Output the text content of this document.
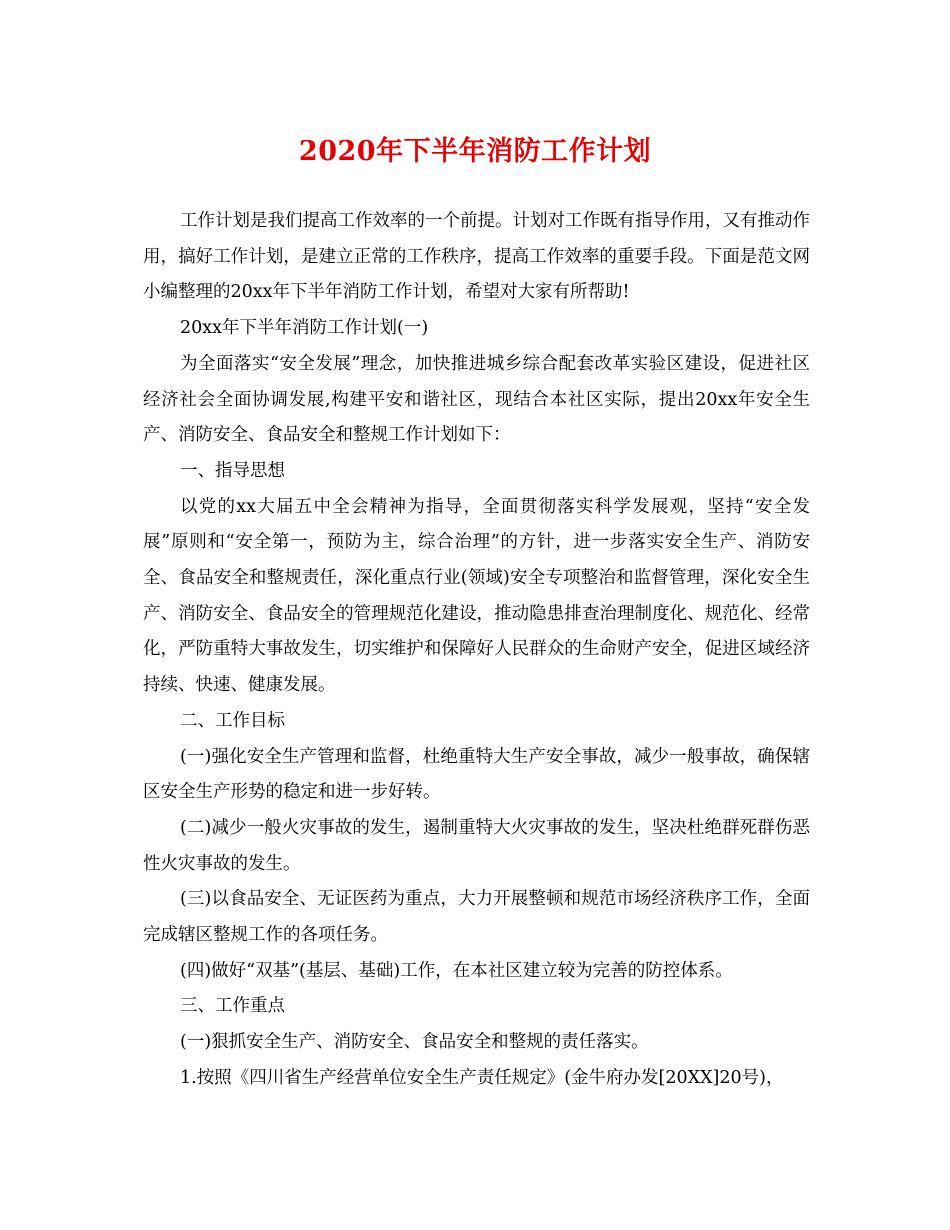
2020年下半年消防工作计划

工作计划是我们提高工作效率的一个前提。计划对工作既有指导作用，又有推动作用，搞好工作计划，是建立正常的工作秩序，提高工作效率的重要手段。下面是范文网小编整理的20xx年下半年消防工作计划，希望对大家有所帮助!

20xx年下半年消防工作计划(一)

为全面落实“安全发展”理念，加快推进城乡综合配套改革实验区建设，促进社区经济社会全面协调发展,构建平安和谐社区，现结合本社区实际，提出20xx年安全生产、消防安全、食品安全和整规工作计划如下：

一、指导思想

以党的xx大届五中全会精神为指导，全面贯彻落实科学发展观，坚持“安全发展”原则和“安全第一，预防为主，综合治理”的方针，进一步落实安全生产、消防安全、食品安全和整规责任，深化重点行业(领域)安全专项整治和监督管理，深化安全生产、消防安全、食品安全的管理规范化建设，推动隐患排查治理制度化、规范化、经常化，严防重特大事故发生，切实维护和保障好人民群众的生命财产安全，促进区域经济持续、快速、健康发展。

二、工作目标

(一)强化安全生产管理和监督，杜绝重特大生产安全事故，减少一般事故，确保辖区安全生产形势的稳定和进一步好转。

(二)减少一般火灾事故的发生，遏制重特大火灾事故的发生，坚决杜绝群死群伤恶性火灾事故的发生。

(三)以食品安全、无证医药为重点，大力开展整顿和规范市场经济秩序工作，全面完成辖区整规工作的各项任务。

(四)做好“双基”(基层、基础)工作，在本社区建立较为完善的防控体系。

三、工作重点

(一)狠抓安全生产、消防安全、食品安全和整规的责任落实。

1.按照《四川省生产经营单位安全生产责任规定》(金牛府办发[20XX]20号)，
